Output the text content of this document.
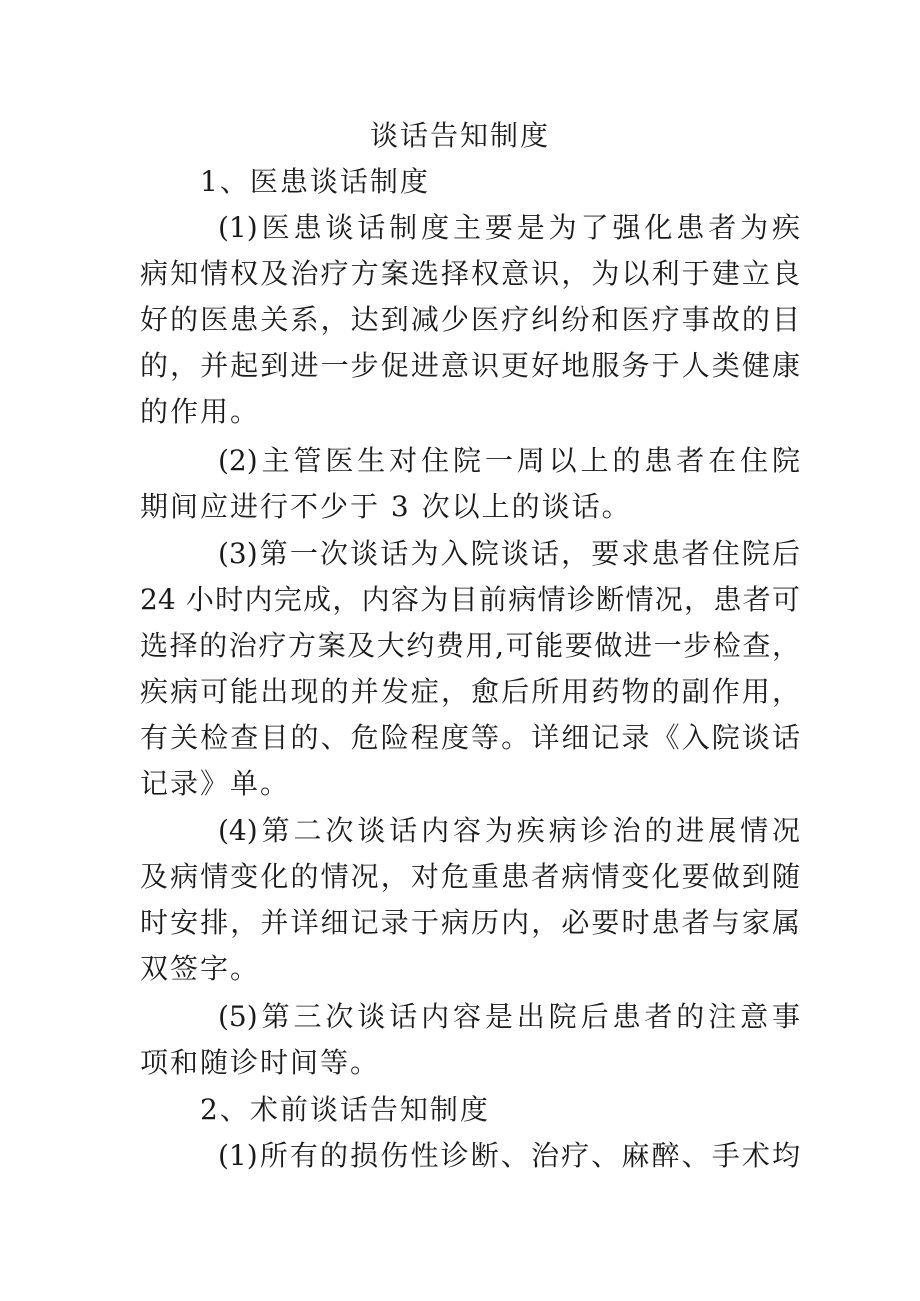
谈话告知制度
1、医患谈话制度
(1)医患谈话制度主要是为了强化患者为疾
病知情权及治疗方案选择权意识，为以利于建立良
好的医患关系，达到减少医疗纠纷和医疗事故的目
的，并起到进一步促进意识更好地服务于人类健康
的作用。
(2)主管医生对住院一周以上的患者在住院
期间应进行不少于 3 次以上的谈话。
(3)第一次谈话为入院谈话，要求患者住院后
24 小时内完成，内容为目前病情诊断情况，患者可
选择的治疗方案及大约费用,可能要做进一步检查，
疾病可能出现的并发症，愈后所用药物的副作用，
有关检查目的、危险程度等。详细记录《入院谈话
记录》单。
(4)第二次谈话内容为疾病诊治的进展情况
及病情变化的情况，对危重患者病情变化要做到随
时安排，并详细记录于病历内，必要时患者与家属
双签字。
(5)第三次谈话内容是出院后患者的注意事
项和随诊时间等。
2、术前谈话告知制度
(1)所有的损伤性诊断、治疗、麻醉、手术均
